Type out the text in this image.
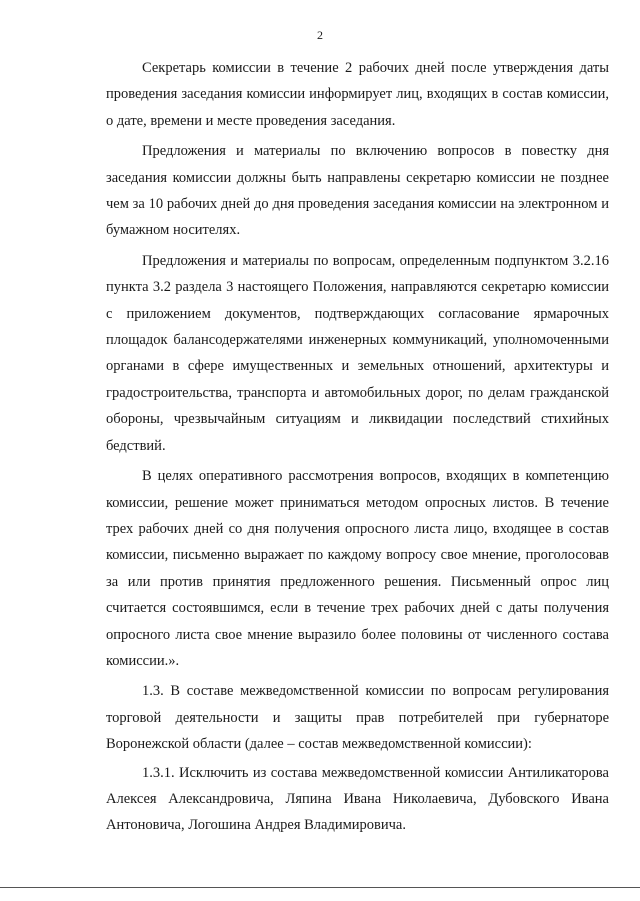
2

Секретарь комиссии в течение 2 рабочих дней после утверждения даты проведения заседания комиссии информирует лиц, входящих в состав комиссии, о дате, времени и месте проведения заседания.

Предложения и материалы по включению вопросов в повестку дня заседания комиссии должны быть направлены секретарю комиссии не позднее чем за 10 рабочих дней до дня проведения заседания комиссии на электронном и бумажном носителях.

Предложения и материалы по вопросам, определенным подпунктом 3.2.16 пункта 3.2 раздела 3 настоящего Положения, направляются секретарю комиссии с приложением документов, подтверждающих согласование ярмарочных площадок балансодержателями инженерных коммуникаций, уполномоченными органами в сфере имущественных и земельных отношений, архитектуры и градостроительства, транспорта и автомобильных дорог, по делам гражданской обороны, чрезвычайным ситуациям и ликвидации последствий стихийных бедствий.

В целях оперативного рассмотрения вопросов, входящих в компетенцию комиссии, решение может приниматься методом опросных листов. В течение трех рабочих дней со дня получения опросного листа лицо, входящее в состав комиссии, письменно выражает по каждому вопросу свое мнение, проголосовав за или против принятия предложенного решения. Письменный опрос лиц считается состоявшимся, если в течение трех рабочих дней с даты получения опросного листа свое мнение выразило более половины от численного состава комиссии.».

1.3. В составе межведомственной комиссии по вопросам регулирования торговой деятельности и защиты прав потребителей при губернаторе Воронежской области (далее – состав межведомственной комиссии):

1.3.1. Исключить из состава межведомственной комиссии Антиликаторова Алексея Александровича, Ляпина Ивана Николаевича, Дубовского Ивана Антоновича, Логошина Андрея Владимировича.
